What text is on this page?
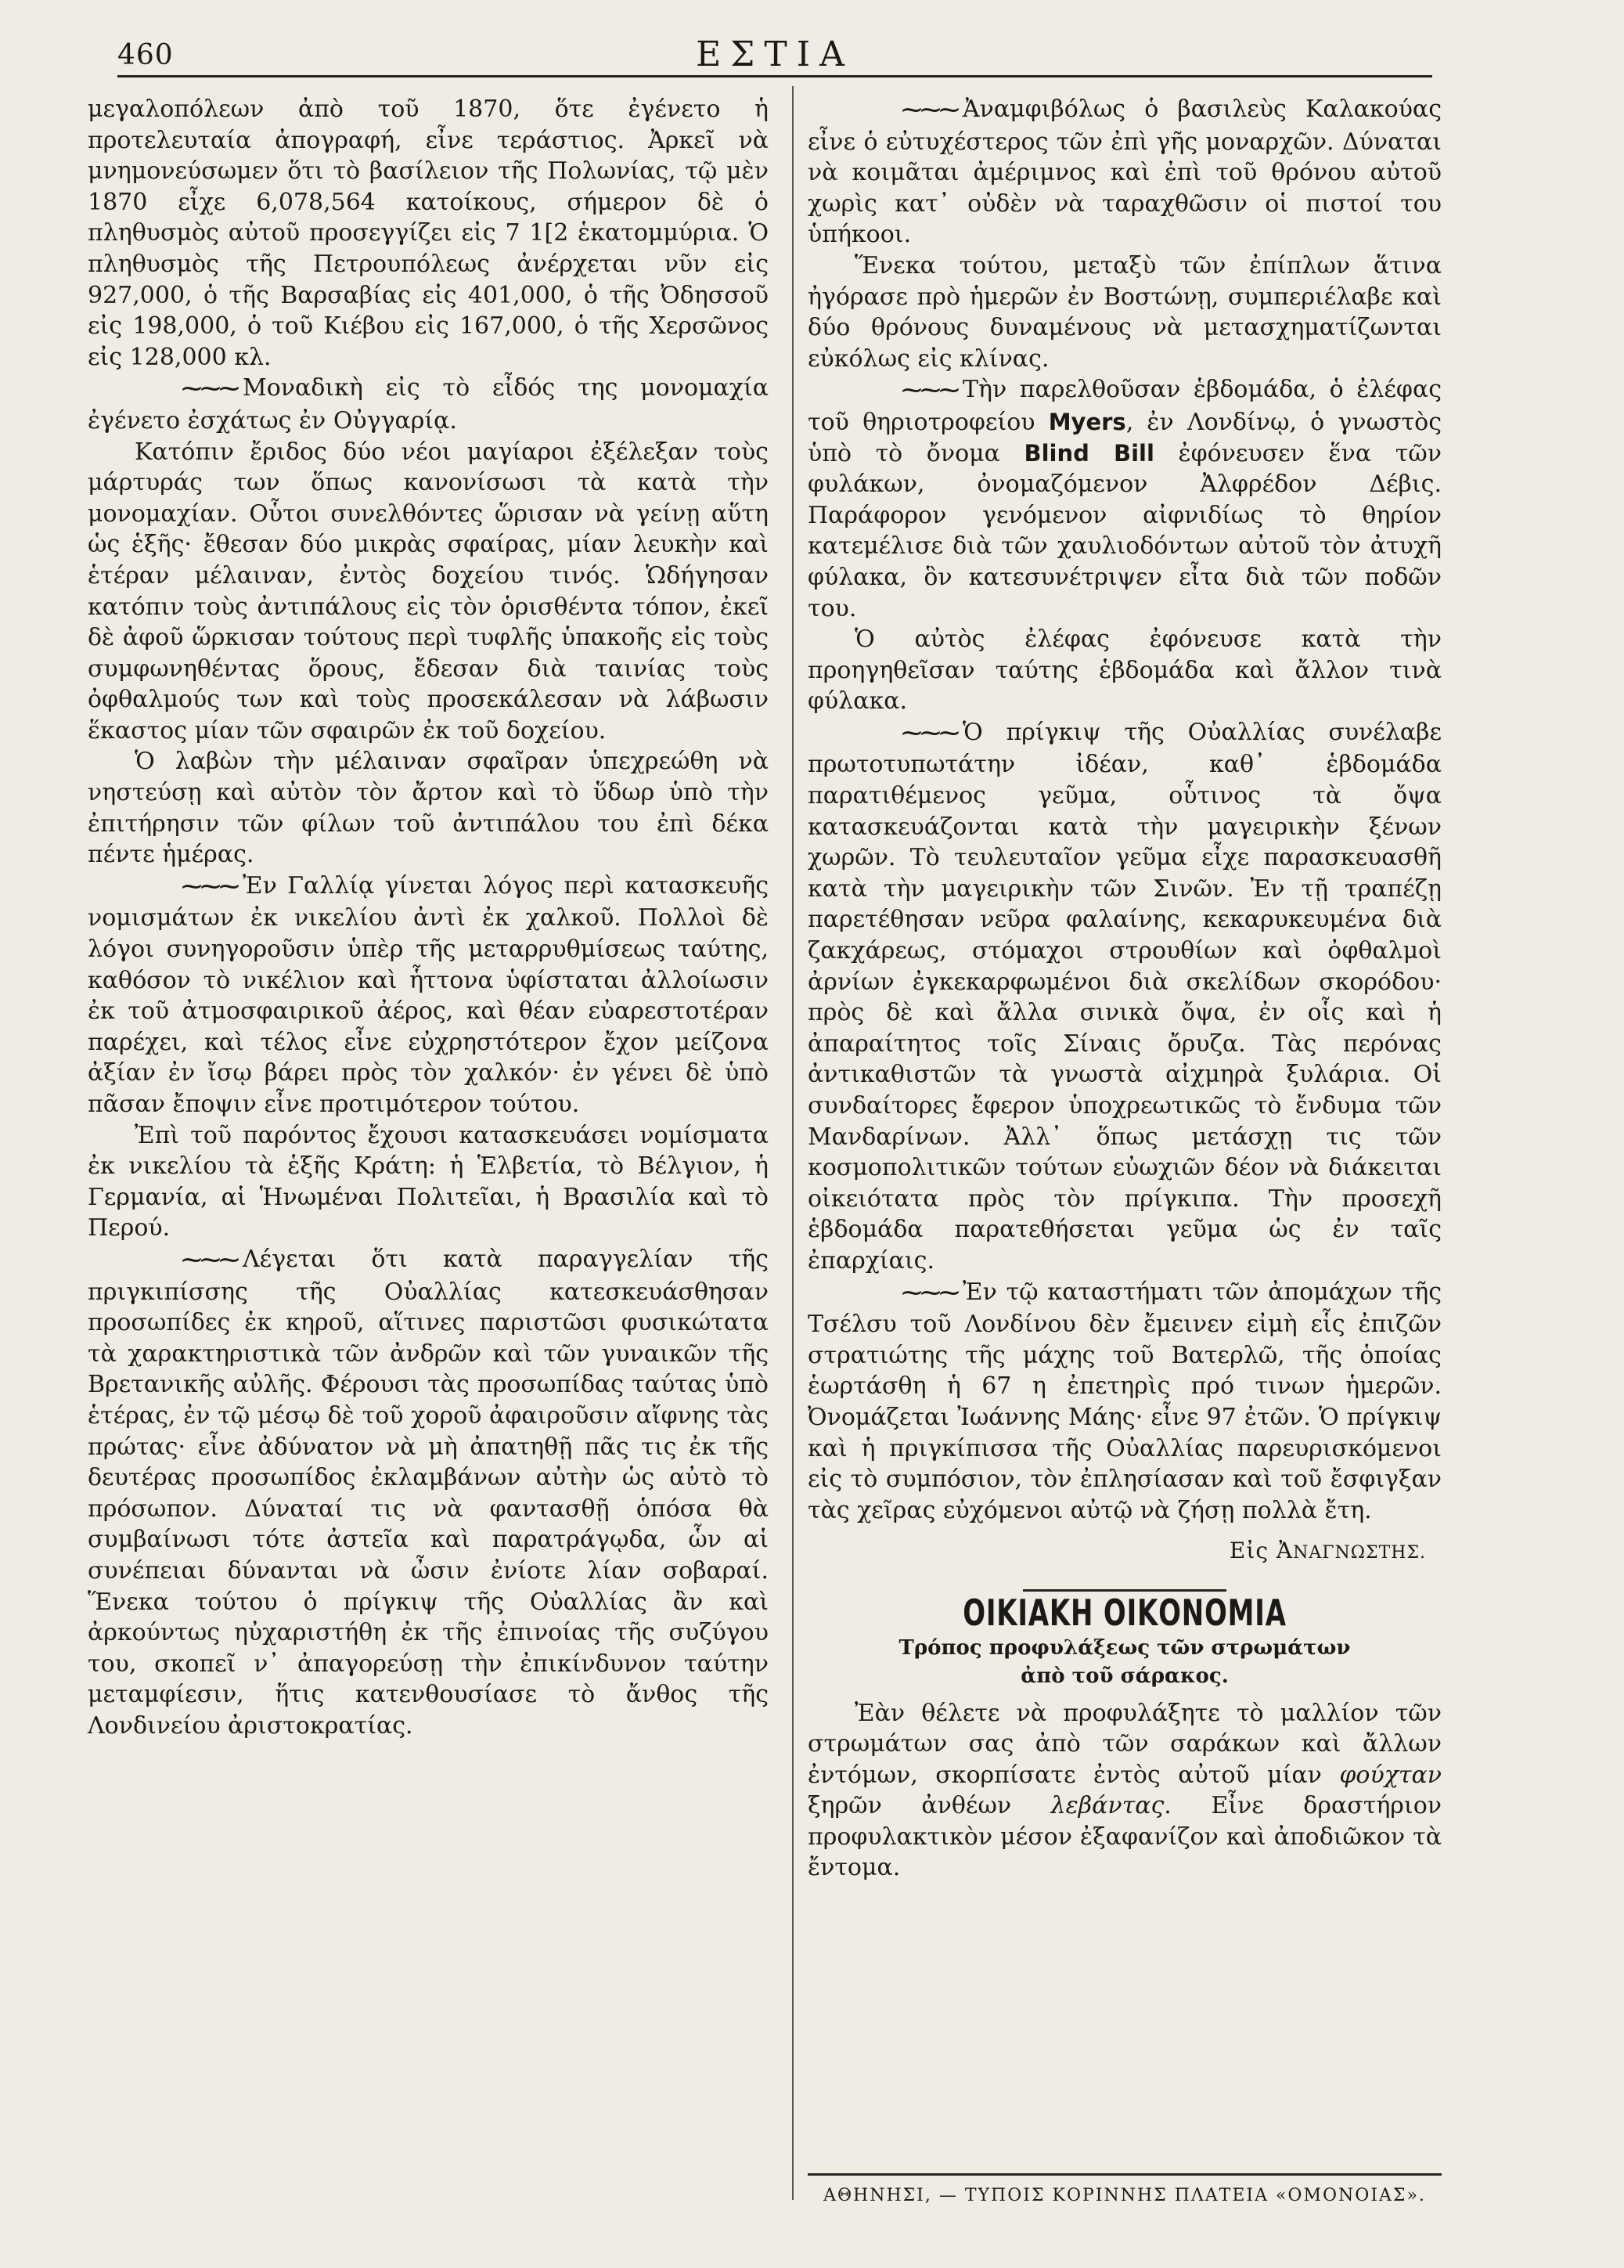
460	ΕΣΤΙΑ

μεγαλοπόλεων ἀπὸ τοῦ 1870, ὅτε ἐγένετο ἡ προτελευταία ἀπογραφή, εἶνε τεράστιος. Ἀρκεῖ νὰ μνημονεύσωμεν ὅτι τὸ βασίλειον τῆς Πολωνίας, τῷ μὲν 1870 εἶχε 6,078,564 κατοίκους, σήμερον δὲ ὁ πληθυσμὸς αὐτοῦ προσεγγίζει εἰς 7 1[2 ἑκατομμύρια. Ὁ πληθυσμὸς τῆς Πετρουπόλεως ἀνέρχεται νῦν εἰς 927,000, ὁ τῆς Βαρσαβίας εἰς 401,000, ὁ τῆς Ὀδησσοῦ εἰς 198,000, ὁ τοῦ Κιέβου εἰς 167,000, ὁ τῆς Χερσῶνος εἰς 128,000 κλ.

⁓⁓⁓ Μοναδικὴ εἰς τὸ εἶδός της μονομαχία ἐγένετο ἐσχάτως ἐν Οὐγγαρίᾳ.

Κατόπιν ἔριδος δύο νέοι μαγίαροι ἐξέλεξαν τοὺς μάρτυράς των ὅπως κανονίσωσι τὰ κατὰ τὴν μονομαχίαν. Οὗτοι συνελθόντες ὥρισαν νὰ γείνῃ αὕτη ὡς ἑξῆς· ἔθεσαν δύο μικρὰς σφαίρας, μίαν λευκὴν καὶ ἑτέραν μέλαιναν, ἐντὸς δοχείου τινός. Ὡδήγησαν κατόπιν τοὺς ἀντιπάλους εἰς τὸν ὁρισθέντα τόπον, ἐκεῖ δὲ ἀφοῦ ὥρκισαν τούτους περὶ τυφλῆς ὑπακοῆς εἰς τοὺς συμφωνηθέντας ὅρους, ἔδεσαν διὰ ταινίας τοὺς ὀφθαλμούς των καὶ τοὺς προσεκάλεσαν νὰ λάβωσιν ἕκαστος μίαν τῶν σφαιρῶν ἐκ τοῦ δοχείου.

Ὁ λαβὼν τὴν μέλαιναν σφαῖραν ὑπεχρεώθη νὰ νηστεύσῃ καὶ αὐτὸν τὸν ἄρτον καὶ τὸ ὕδωρ ὑπὸ τὴν ἐπιτήρησιν τῶν φίλων τοῦ ἀντιπάλου του ἐπὶ δέκα πέντε ἡμέρας.

⁓⁓⁓ Ἐν Γαλλίᾳ γίνεται λόγος περὶ κατασκευῆς νομισμάτων ἐκ νικελίου ἀντὶ ἐκ χαλκοῦ. Πολλοὶ δὲ λόγοι συνηγοροῦσιν ὑπὲρ τῆς μεταρρυθμίσεως ταύτης, καθόσον τὸ νικέλιον καὶ ἧττονα ὑφίσταται ἀλλοίωσιν ἐκ τοῦ ἀτμοσφαιρικοῦ ἀέρος, καὶ θέαν εὐαρεστοτέραν παρέχει, καὶ τέλος εἶνε εὐχρηστότερον ἔχον μείζονα ἀξίαν ἐν ἴσῳ βάρει πρὸς τὸν χαλκόν· ἐν γένει δὲ ὑπὸ πᾶσαν ἔποψιν εἶνε προτιμότερον τούτου.

Ἐπὶ τοῦ παρόντος ἔχουσι κατασκευάσει νομίσματα ἐκ νικελίου τὰ ἑξῆς Κράτη: ἡ Ἑλβετία, τὸ Βέλγιον, ἡ Γερμανία, αἱ Ἡνωμέναι Πολιτεῖαι, ἡ Βρασιλία καὶ τὸ Περού.

⁓⁓⁓ Λέγεται ὅτι κατὰ παραγγελίαν τῆς πριγκιπίσσης τῆς Οὐαλλίας κατεσκευάσθησαν προσωπίδες ἐκ κηροῦ, αἵτινες παριστῶσι φυσικώτατα τὰ χαρακτηριστικὰ τῶν ἀνδρῶν καὶ τῶν γυναικῶν τῆς Βρετανικῆς αὐλῆς. Φέρουσι τὰς προσωπίδας ταύτας ὑπὸ ἑτέρας, ἐν τῷ μέσῳ δὲ τοῦ χοροῦ ἀφαιροῦσιν αἴφνης τὰς πρώτας· εἶνε ἀδύνατον νὰ μὴ ἀπατηθῇ πᾶς τις ἐκ τῆς δευτέρας προσωπίδος ἐκλαμβάνων αὐτὴν ὡς αὐτὸ τὸ πρόσωπον. Δύναταί τις νὰ φαντασθῇ ὁπόσα θὰ συμβαίνωσι τότε ἀστεῖα καὶ παρατράγῳδα, ὧν αἱ συνέπειαι δύνανται νὰ ὦσιν ἐνίοτε λίαν σοβαραί. Ἕνεκα τούτου ὁ πρίγκιψ τῆς Οὐαλλίας ἂν καὶ ἀρκούντως ηὐχαριστήθη ἐκ τῆς ἐπινοίας τῆς συζύγου του, σκοπεῖ ν᾽ ἀπαγορεύσῃ τὴν ἐπικίνδυνον ταύτην μεταμφίεσιν, ἥτις κατενθουσίασε τὸ ἄνθος τῆς Λονδινείου ἀριστοκρατίας.

⁓⁓⁓ Ἀναμφιβόλως ὁ βασιλεὺς Καλακούας εἶνε ὁ εὐτυχέστερος τῶν ἐπὶ γῆς μοναρχῶν. Δύναται νὰ κοιμᾶται ἀμέριμνος καὶ ἐπὶ τοῦ θρόνου αὐτοῦ χωρὶς κατ᾽ οὐδὲν νὰ ταραχθῶσιν οἱ πιστοί του ὑπήκοοι.

Ἕνεκα τούτου, μεταξὺ τῶν ἐπίπλων ἅτινα ἠγόρασε πρὸ ἡμερῶν ἐν Βοστώνῃ, συμπεριέλαβε καὶ δύο θρόνους δυναμένους νὰ μετασχηματίζωνται εὐκόλως εἰς κλίνας.

⁓⁓⁓ Τὴν παρελθοῦσαν ἑβδομάδα, ὁ ἐλέφας τοῦ θηριοτροφείου Myers, ἐν Λονδίνῳ, ὁ γνωστὸς ὑπὸ τὸ ὄνομα Blind Bill ἐφόνευσεν ἕνα τῶν φυλάκων, ὀνομαζόμενον Ἀλφρέδον Δέβις. Παράφορον γενόμενον αἰφνιδίως τὸ θηρίον κατεμέλισε διὰ τῶν χαυλιοδόντων αὐτοῦ τὸν ἀτυχῆ φύλακα, ὃν κατεσυνέτριψεν εἶτα διὰ τῶν ποδῶν του.

Ὁ αὐτὸς ἐλέφας ἐφόνευσε κατὰ τὴν προηγηθεῖσαν ταύτης ἑβδομάδα καὶ ἄλλον τινὰ φύλακα.

⁓⁓⁓ Ὁ πρίγκιψ τῆς Οὐαλλίας συνέλαβε πρωτοτυπωτάτην ἰδέαν, καθ᾽ ἑβδομάδα παρατιθέμενος γεῦμα, οὗτινος τὰ ὄψα κατασκευάζονται κατὰ τὴν μαγειρικὴν ξένων χωρῶν. Τὸ τευλευταῖον γεῦμα εἶχε παρασκευασθῆ κατὰ τὴν μαγειρικὴν τῶν Σινῶν. Ἐν τῇ τραπέζῃ παρετέθησαν νεῦρα φαλαίνης, κεκαρυκευμένα διὰ ζακχάρεως, στόμαχοι στρουθίων καὶ ὀφθαλμοὶ ἀρνίων ἐγκεκαρφωμένοι διὰ σκελίδων σκορόδου· πρὸς δὲ καὶ ἄλλα σινικὰ ὄψα, ἐν οἷς καὶ ἡ ἀπαραίτητος τοῖς Σίναις ὄρυζα. Τὰς περόνας ἀντικαθιστῶν τὰ γνωστὰ αἰχμηρὰ ξυλάρια. Οἱ συνδαίτορες ἔφερον ὑποχρεωτικῶς τὸ ἔνδυμα τῶν Μανδαρίνων. Ἀλλ᾽ ὅπως μετάσχῃ τις τῶν κοσμοπολιτικῶν τούτων εὐωχιῶν δέον νὰ διάκειται οἰκειότατα πρὸς τὸν πρίγκιπα. Τὴν προσεχῆ ἑβδομάδα παρατεθήσεται γεῦμα ὡς ἐν ταῖς ἐπαρχίαις.

⁓⁓⁓ Ἐν τῷ καταστήματι τῶν ἀπομάχων τῆς Τσέλσυ τοῦ Λονδίνου δὲν ἔμεινεν εἰμὴ εἷς ἐπιζῶν στρατιώτης τῆς μάχης τοῦ Βατερλῶ, τῆς ὁποίας ἑωρτάσθη ἡ 67 η ἐπετηρὶς πρό τινων ἡμερῶν. Ὀνομάζεται Ἰωάννης Μάης· εἶνε 97 ἐτῶν. Ὁ πρίγκιψ καὶ ἡ πριγκίπισσα τῆς Οὐαλλίας παρευρισκόμενοι εἰς τὸ συμπόσιον, τὸν ἐπλησίασαν καὶ τοῦ ἔσφιγξαν τὰς χεῖρας εὐχόμενοι αὐτῷ νὰ ζήσῃ πολλὰ ἔτη.

Εἰς ἈΝΑΓΝΩΣΤΗΣ.
ΟΙΚΙΑΚΗ ΟΙΚΟΝΟΜΙΑ
Τρόπος προφυλάξεως τῶν στρωμάτων
ἀπὸ τοῦ σάρακος.

Ἐὰν θέλετε νὰ προφυλάξητε τὸ μαλλίον τῶν στρωμάτων σας ἀπὸ τῶν σαράκων καὶ ἄλλων ἐντόμων, σκορπίσατε ἐντὸς αὐτοῦ μίαν φούχταν ξηρῶν ἀνθέων λεβάντας. Εἶνε δραστήριον προφυλακτικὸν μέσον ἐξαφανίζον καὶ ἀποδιῶκον τὰ ἔντομα.

ΑΘΗΝΗΣΙ, — ΤΥΠΟΙΣ ΚΟΡΙΝΝΗΣ ΠΛΑΤΕΙΑ «ΟΜΟΝΟΙΑΣ».
